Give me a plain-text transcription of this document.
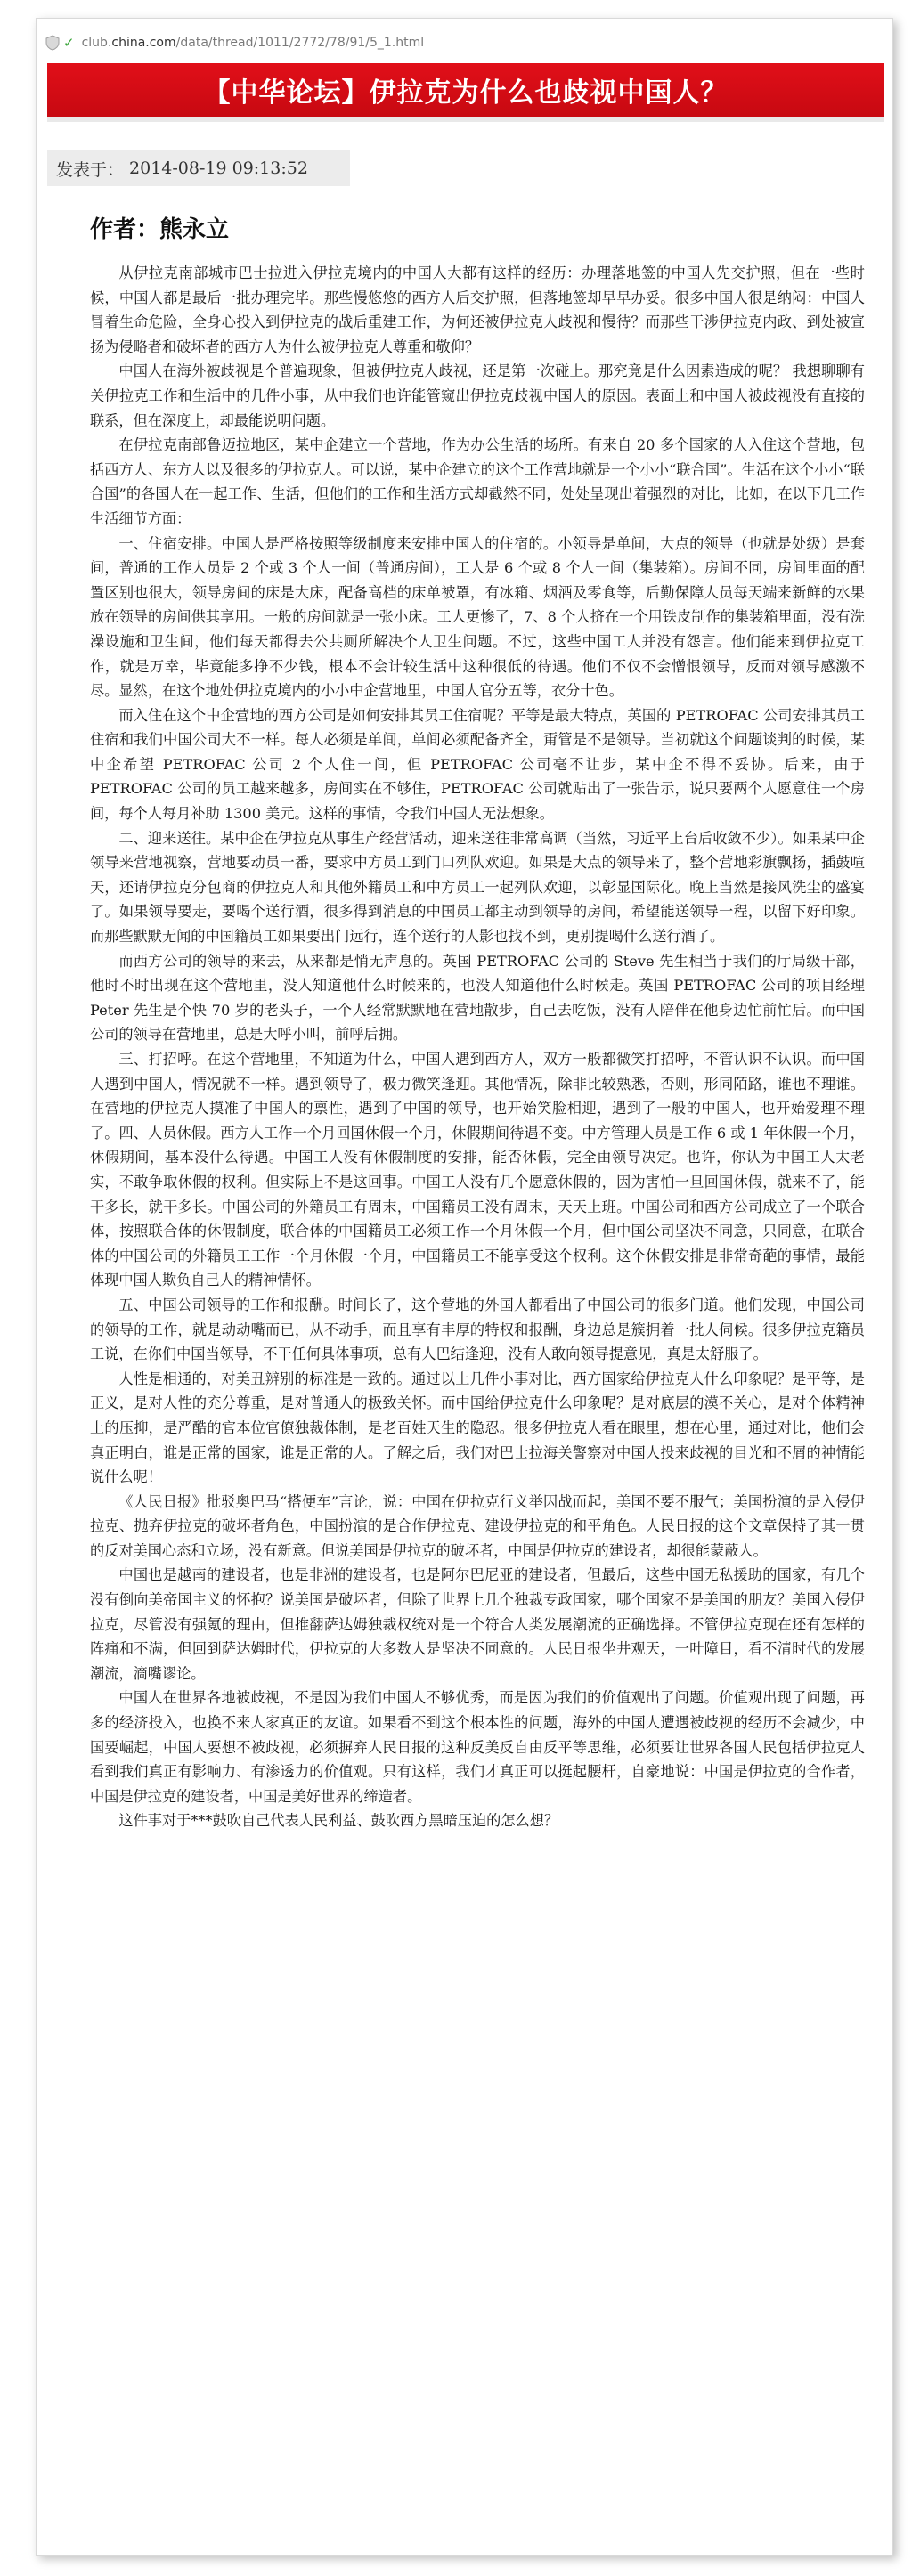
✓ club. china.com /data/thread/1011/2772/78/91/5_1.html
【中华论坛】伊拉克为什么也歧视中国人？
发表于： 2014-08-19 09:13:52
作者：熊永立

从伊拉克南部城市巴士拉进入伊拉克境内的中国人大都有这样的经历：办理落地签的中国人先交护照，但在一些时候，中国人都是最后一批办理完毕。那些慢悠悠的西方人后交护照，但落地签却早早办妥。很多中国人很是纳闷：中国人冒着生命危险，全身心投入到伊拉克的战后重建工作，为何还被伊拉克人歧视和慢待？而那些干涉伊拉克内政、到处被宣扬为侵略者和破坏者的西方人为什么被伊拉克人尊重和敬仰？

中国人在海外被歧视是个普遍现象，但被伊拉克人歧视，还是第一次碰上。那究竟是什么因素造成的呢？ 我想聊聊有关伊拉克工作和生活中的几件小事，从中我们也许能管窥出伊拉克歧视中国人的原因。表面上和中国人被歧视没有直接的联系，但在深度上，却最能说明问题。

在伊拉克南部鲁迈拉地区，某中企建立一个营地，作为办公生活的场所。有来自 20 多个国家的人入住这个营地，包括西方人、东方人以及很多的伊拉克人。可以说，某中企建立的这个工作营地就是一个小小“联合国”。生活在这个小小“联合国”的各国人在一起工作、生活，但他们的工作和生活方式却截然不同，处处呈现出着强烈的对比，比如，在以下几工作生活细节方面：

一、住宿安排。中国人是严格按照等级制度来安排中国人的住宿的。小领导是单间，大点的领导（也就是处级）是套间，普通的工作人员是 2 个或 3 个人一间（普通房间），工人是 6 个或 8 个人一间（集装箱）。房间不同，房间里面的配置区别也很大，领导房间的床是大床，配备高档的床单被罩，有冰箱、烟酒及零食等，后勤保障人员每天端来新鲜的水果放在领导的房间供其享用。一般的房间就是一张小床。工人更惨了，7、8 个人挤在一个用铁皮制作的集装箱里面，没有洗澡设施和卫生间，他们每天都得去公共厕所解决个人卫生问题。不过，这些中国工人并没有怨言。他们能来到伊拉克工作，就是万幸，毕竟能多挣不少钱，根本不会计较生活中这种很低的待遇。他们不仅不会憎恨领导，反而对领导感激不尽。显然，在这个地处伊拉克境内的小小中企营地里，中国人官分五等，衣分十色。

而入住在这个中企营地的西方公司是如何安排其员工住宿呢？平等是最大特点，英国的 PETROFAC 公司安排其员工住宿和我们中国公司大不一样。每人必须是单间，单间必须配备齐全，甭管是不是领导。当初就这个问题谈判的时候，某中企希望 PETROFAC 公司 2 个人住一间，但 PETROFAC 公司毫不让步，某中企不得不妥协。后来，由于 PETROFAC 公司的员工越来越多，房间实在不够住，PETROFAC 公司就贴出了一张告示，说只要两个人愿意住一个房间，每个人每月补助 1300 美元。这样的事情，令我们中国人无法想象。

二、迎来送往。某中企在伊拉克从事生产经营活动，迎来送往非常高调（当然，习近平上台后收敛不少）。如果某中企领导来营地视察，营地要动员一番，要求中方员工到门口列队欢迎。如果是大点的领导来了，整个营地彩旗飘扬，插鼓喧天，还请伊拉克分包商的伊拉克人和其他外籍员工和中方员工一起列队欢迎，以彰显国际化。晚上当然是接风洗尘的盛宴了。如果领导要走，要喝个送行酒，很多得到消息的中国员工都主动到领导的房间，希望能送领导一程，以留下好印象。而那些默默无闻的中国籍员工如果要出门远行，连个送行的人影也找不到，更别提喝什么送行酒了。

而西方公司的领导的来去，从来都是悄无声息的。英国 PETROFAC 公司的 Steve 先生相当于我们的厅局级干部，他时不时出现在这个营地里，没人知道他什么时候来的，也没人知道他什么时候走。英国 PETROFAC 公司的项目经理 Peter 先生是个快 70 岁的老头子，一个人经常默默地在营地散步，自己去吃饭，没有人陪伴在他身边忙前忙后。而中国公司的领导在营地里，总是大呼小叫，前呼后拥。

三、打招呼。在这个营地里，不知道为什么，中国人遇到西方人，双方一般都微笑打招呼，不管认识不认识。而中国人遇到中国人，情况就不一样。遇到领导了，极力微笑逢迎。其他情况，除非比较熟悉，否则，形同陌路，谁也不理谁。在营地的伊拉克人摸准了中国人的禀性，遇到了中国的领导，也开始笑脸相迎，遇到了一般的中国人，也开始爱理不理了。四、人员休假。西方人工作一个月回国休假一个月，休假期间待遇不变。中方管理人员是工作 6 或 1 年休假一个月，休假期间，基本没什么待遇。中国工人没有休假制度的安排，能否休假，完全由领导决定。也许，你认为中国工人太老实，不敢争取休假的权利。但实际上不是这回事。中国工人没有几个愿意休假的，因为害怕一旦回国休假，就来不了，能干多长，就干多长。中国公司的外籍员工有周末，中国籍员工没有周末，天天上班。中国公司和西方公司成立了一个联合体，按照联合体的休假制度，联合体的中国籍员工必须工作一个月休假一个月，但中国公司坚决不同意，只同意，在联合体的中国公司的外籍员工工作一个月休假一个月，中国籍员工不能享受这个权利。这个休假安排是非常奇葩的事情，最能体现中国人欺负自己人的精神情怀。

五、中国公司领导的工作和报酬。时间长了，这个营地的外国人都看出了中国公司的很多门道。他们发现，中国公司的领导的工作，就是动动嘴而已，从不动手，而且享有丰厚的特权和报酬，身边总是簇拥着一批人伺候。很多伊拉克籍员工说，在你们中国当领导，不干任何具体事项，总有人巴结逢迎，没有人敢向领导提意见，真是太舒服了。

人性是相通的，对美丑辨别的标准是一致的。通过以上几件小事对比，西方国家给伊拉克人什么印象呢？是平等，是正义，是对人性的充分尊重，是对普通人的极致关怀。而中国给伊拉克什么印象呢？是对底层的漠不关心，是对个体精神上的压抑，是严酷的官本位官僚独裁体制，是老百姓天生的隐忍。很多伊拉克人看在眼里，想在心里，通过对比，他们会真正明白，谁是正常的国家，谁是正常的人。了解之后，我们对巴士拉海关警察对中国人投来歧视的目光和不屑的神情能说什么呢！

《人民日报》批驳奥巴马“搭便车”言论，说：中国在伊拉克行义举因战而起，美国不要不服气；美国扮演的是入侵伊拉克、抛弃伊拉克的破坏者角色，中国扮演的是合作伊拉克、建设伊拉克的和平角色。人民日报的这个文章保持了其一贯的反对美国心态和立场，没有新意。但说美国是伊拉克的破坏者，中国是伊拉克的建设者，却很能蒙蔽人。

中国也是越南的建设者，也是非洲的建设者，也是阿尔巴尼亚的建设者，但最后，这些中国无私援助的国家，有几个没有倒向美帝国主义的怀抱？说美国是破坏者，但除了世界上几个独裁专政国家，哪个国家不是美国的朋友？美国入侵伊拉克，尽管没有强氪的理由，但推翻萨达姆独裁权统对是一个符合人类发展潮流的正确选择。不管伊拉克现在还有怎样的阵痛和不满，但回到萨达姆时代，伊拉克的大多数人是坚决不同意的。人民日报坐井观天，一叶障目，看不清时代的发展潮流，滴嘴谬论。

中国人在世界各地被歧视，不是因为我们中国人不够优秀，而是因为我们的价值观出了问题。价值观出现了问题，再多的经济投入，也换不来人家真正的友谊。如果看不到这个根本性的问题，海外的中国人遭遇被歧视的经历不会减少，中国要崛起，中国人要想不被歧视，必须摒弃人民日报的这种反美反自由反平等思维，必须要让世界各国人民包括伊拉克人看到我们真正有影响力、有渗透力的价值观。只有这样，我们才真正可以挺起腰杆，自豪地说：中国是伊拉克的合作者，中国是伊拉克的建设者，中国是美好世界的缔造者。

这件事对于***鼓吹自己代表人民利益、鼓吹西方黑暗压迫的怎么想？
